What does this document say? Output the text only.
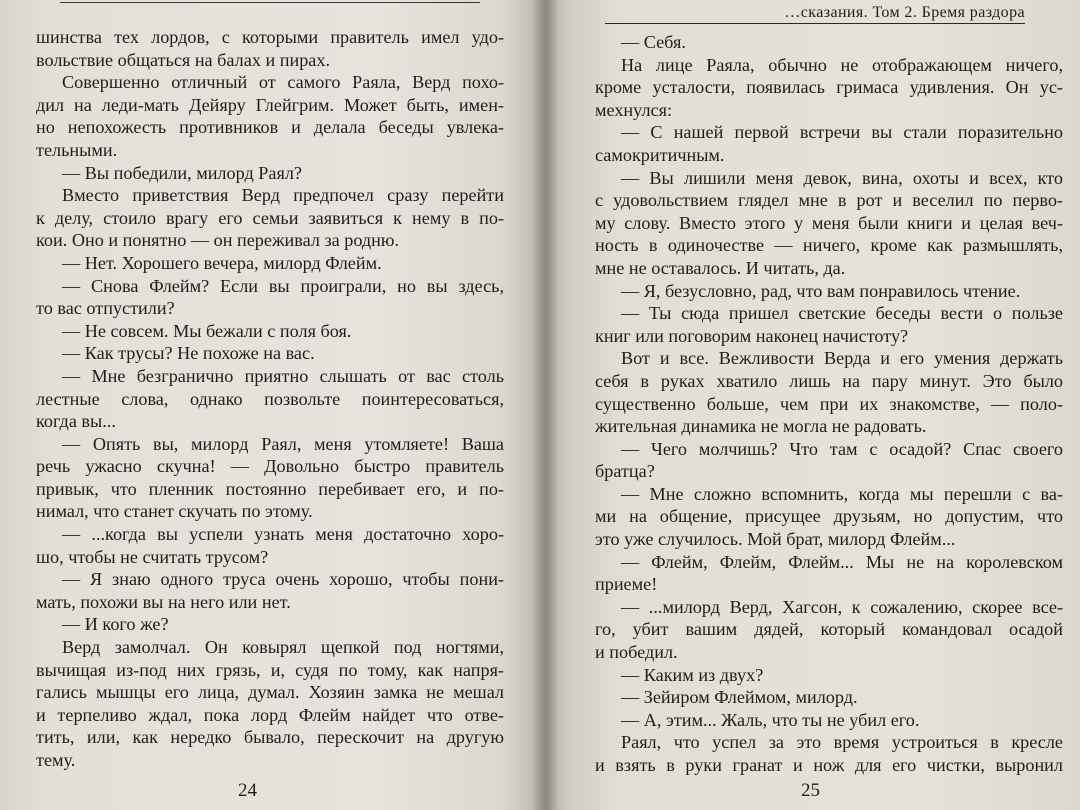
шинства тех лордов, с которыми правитель имел удо-
вольствие общаться на балах и пирах.
Совершенно отличный от самого Раяла, Верд похо-
дил на леди-мать Дейяру Глейгрим. Может быть, имен-
но непохожесть противников и делала беседы увлека-
тельными.
— Вы победили, милорд Раял?
Вместо приветствия Верд предпочел сразу перейти
к делу, стоило врагу его семьи заявиться к нему в по-
кои. Оно и понятно — он переживал за родню.
— Нет. Хорошего вечера, милорд Флейм.
— Снова Флейм? Если вы проиграли, но вы здесь,
то вас отпустили?
— Не совсем. Мы бежали с поля боя.
— Как трусы? Не похоже на вас.
— Мне безгранично приятно слышать от вас столь
лестные слова, однако позвольте поинтересоваться,
когда вы...
— Опять вы, милорд Раял, меня утомляете! Ваша
речь ужасно скучна! — Довольно быстро правитель
привык, что пленник постоянно перебивает его, и по-
нимал, что станет скучать по этому.
— ...когда вы успели узнать меня достаточно хоро-
шо, чтобы не считать трусом?
— Я знаю одного труса очень хорошо, чтобы пони-
мать, похожи вы на него или нет.
— И кого же?
Верд замолчал. Он ковырял щепкой под ногтями,
вычищая из-под них грязь, и, судя по тому, как напря-
гались мышцы его лица, думал. Хозяин замка не мешал
и терпеливо ждал, пока лорд Флейм найдет что отве-
тить, или, как нередко бывало, перескочит на другую
тему.
24
…сказания. Том 2. Бремя раздора
— Себя.
На лице Раяла, обычно не отображающем ничего,
кроме усталости, появилась гримаса удивления. Он ус-
мехнулся:
— С нашей первой встречи вы стали поразительно
самокритичным.
— Вы лишили меня девок, вина, охоты и всех, кто
с удовольствием глядел мне в рот и веселил по перво-
му слову. Вместо этого у меня были книги и целая веч-
ность в одиночестве — ничего, кроме как размышлять,
мне не оставалось. И читать, да.
— Я, безусловно, рад, что вам понравилось чтение.
— Ты сюда пришел светские беседы вести о пользе
книг или поговорим наконец начистоту?
Вот и все. Вежливости Верда и его умения держать
себя в руках хватило лишь на пару минут. Это было
существенно больше, чем при их знакомстве, — поло-
жительная динамика не могла не радовать.
— Чего молчишь? Что там с осадой? Спас своего
братца?
— Мне сложно вспомнить, когда мы перешли с ва-
ми на общение, присущее друзьям, но допустим, что
это уже случилось. Мой брат, милорд Флейм...
— Флейм, Флейм, Флейм... Мы не на королевском
приеме!
— ...милорд Верд, Хагсон, к сожалению, скорее все-
го, убит вашим дядей, который командовал осадой
и победил.
— Каким из двух?
— Зейиром Флеймом, милорд.
— А, этим... Жаль, что ты не убил его.
Раял, что успел за это время устроиться в кресле
и взять в руки гранат и нож для его чистки, выронил
25
